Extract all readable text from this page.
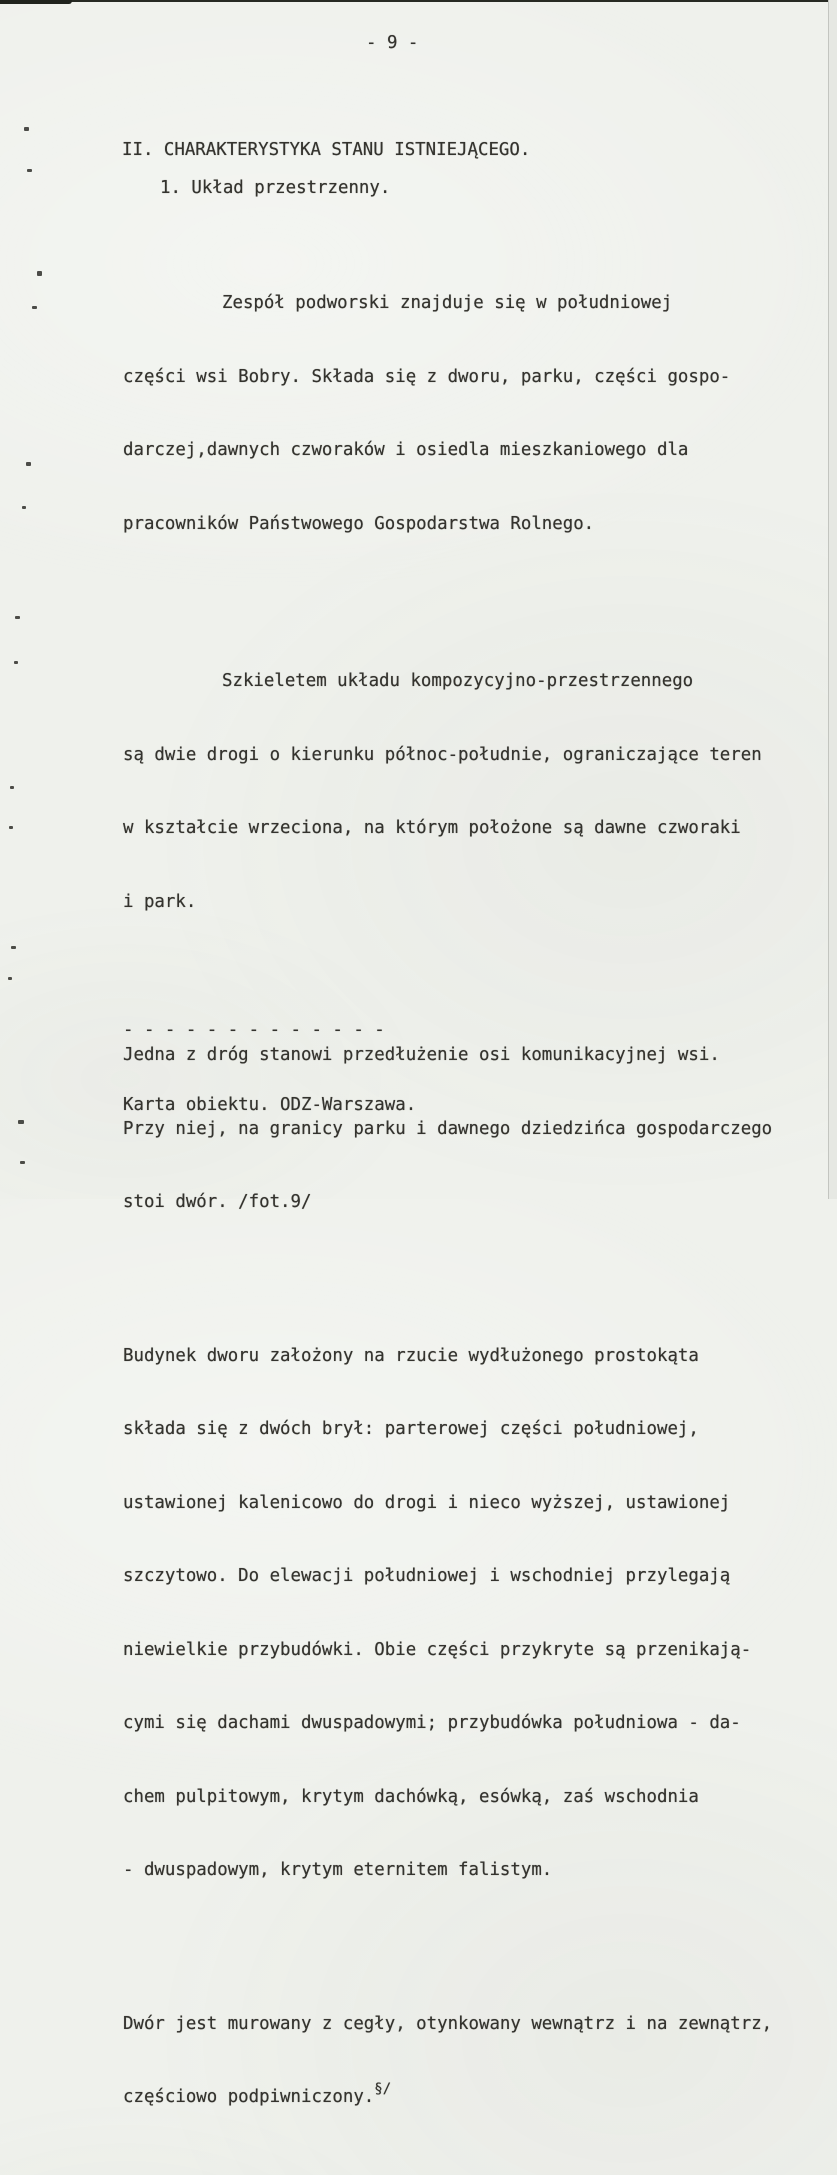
- 9 -
II. CHARAKTERYSTYKA STANU ISTNIEJĄCEGO.
1. Układ przestrzenny.

Zespół podworski znajduje się w południowej

części wsi Bobry. Składa się z dworu, parku, części gospo-

darczej,dawnych czworaków i osiedla mieszkaniowego dla

pracowników Państwowego Gospodarstwa Rolnego.

Szkieletem układu kompozycyjno-przestrzennego

są dwie drogi o kierunku północ-południe, ograniczające teren

w kształcie wrzeciona, na którym położone są dawne czworaki

i park.

Jedna z dróg stanowi przedłużenie osi komunikacyjnej wsi.

Przy niej, na granicy parku i dawnego dziedzińca gospodarczego

stoi dwór. /fot.9/

Budynek dworu założony na rzucie wydłużonego prostokąta

składa się z dwóch brył: parterowej części południowej,

ustawionej kalenicowo do drogi i nieco wyższej, ustawionej

szczytowo. Do elewacji południowej i wschodniej przylegają

niewielkie przybudówki. Obie części przykryte są przenikają-

cymi się dachami dwuspadowymi; przybudówka południowa - da-

chem pulpitowym, krytym dachówką, esówką, zaś wschodnia

- dwuspadowym, krytym eternitem falistym.

Dwór jest murowany z cegły, otynkowany wewnątrz i na zewnątrz,

częściowo podpiwniczony.§/

- - - - - - - - - - - - -

Karta obiektu. ODZ-Warszawa.
